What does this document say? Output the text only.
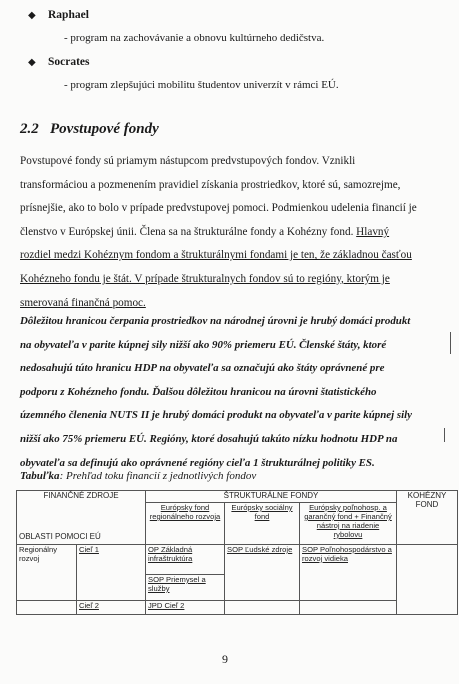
◆ Raphael
- program na zachovávanie a obnovu kultúrneho dedičstva.
◆ Socrates
- program zlepšujúci mobilitu študentov univerzít v rámci EÚ.
2.2 Povstupové fondy
Povstupové fondy sú priamym nástupcom predvstupových fondov. Vznikli
transformáciou a pozmenením pravidiel získania prostriedkov, ktoré sú, samozrejme,
prísnejšie, ako to bolo v prípade predvstupovej pomoci. Podmienkou udelenia financií je
členstvo v Európskej únii. Člena sa na štrukturálne fondy a Kohézny fond. Hlavný
rozdiel medzi Kohéznym fondom a štrukturálnymi fondami je ten, že základnou časťou
Kohézneho fondu je štát. V prípade štrukturalnych fondov sú to regióny, ktorým je
smerovaná finančná pomoc.
Dôležitou hranicou čerpania prostriedkov na národnej úrovni je hrubý domáci produkt
na obyvateľa v parite kúpnej sily nižší ako 90% priemeru EÚ. Členské štáty, ktoré
nedosahujú túto hranicu HDP na obyvateľa sa označujú ako štáty oprávnené pre
podporu z Kohézneho fondu. Ďalšou dôležitou hranicou na úrovni štatistického
územného členenia NUTS II je hrubý domáci produkt na obyvateľa v parite kúpnej sily
nižší ako 75% priemeru EÚ. Regióny, ktoré dosahujú takúto nízku hodnotu HDP na
obyvateľa sa definujú ako oprávnené regióny cieľa 1 štrukturálnej politiky ES.
Tabuľka: Prehľad toku financií z jednotlivých fondov
FINANČNÉ ZDROJE		ŠTRUKTURÁLNE FONDY			KOHÉZNY FOND
OBLASTI POMOCI EÚ		Európsky fond regionálneho rozvoja	Európsky sociálny fond	Európsky poľnohosp. a garančný fond + Finančný nástroj na riadenie rybolovu	
Regionálny rozvoj	Cieľ 1	OP Základná infraštruktúra	SOP Ľudské zdroje	SOP Poľnohospodárstvo a rozvoj vidieka	
		SOP Priemysel a služby			
	Cieľ 2	JPD Cieľ 2			
9
